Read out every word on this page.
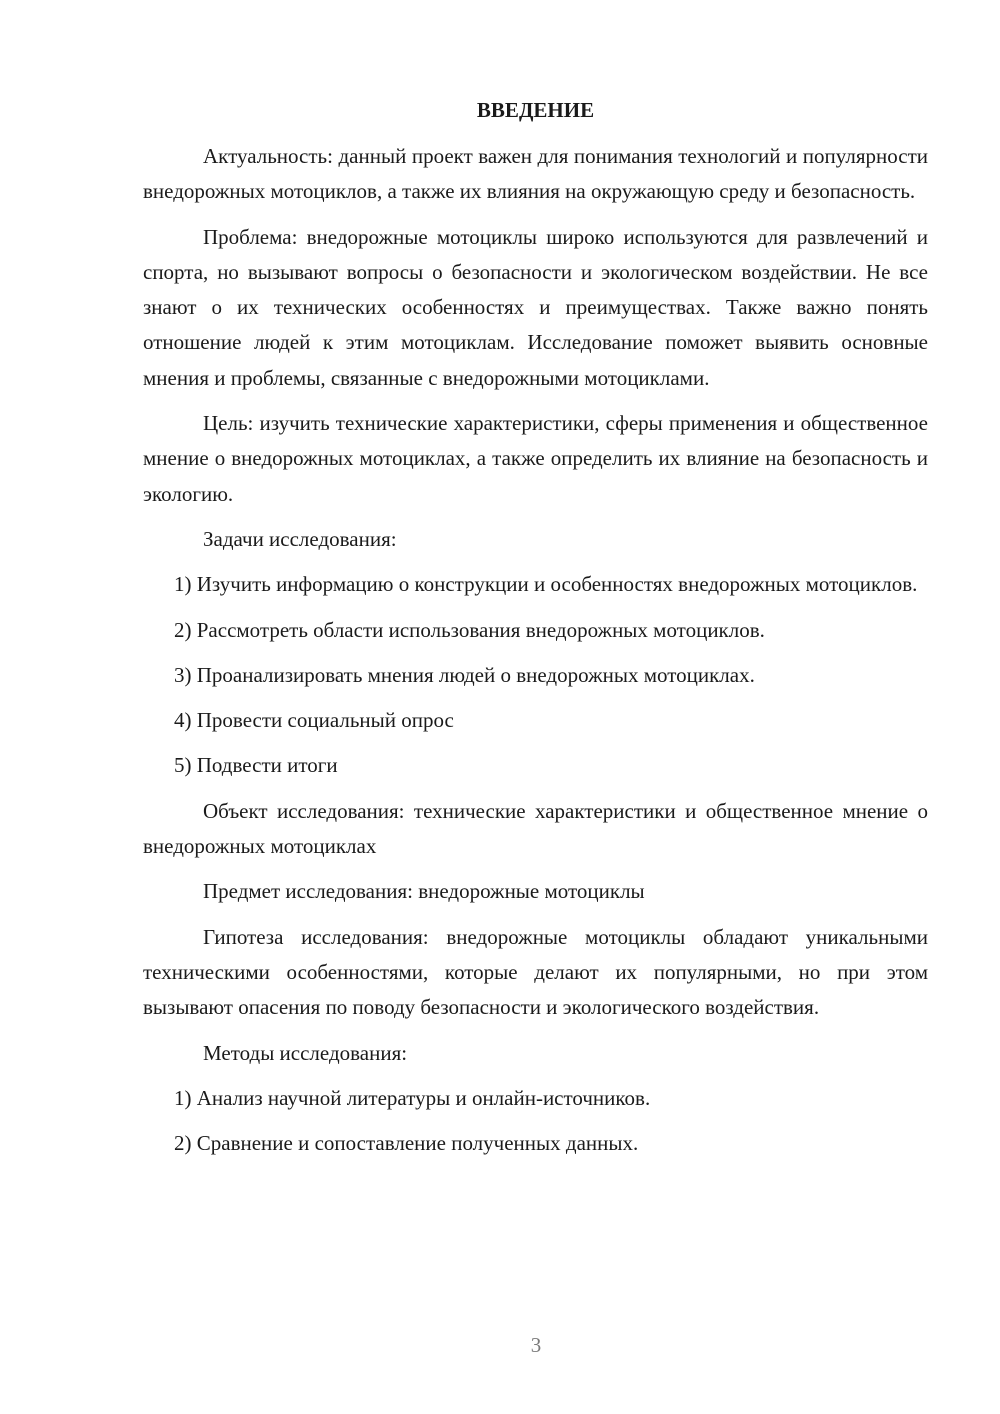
ВВЕДЕНИЕ

Актуальность: данный проект важен для понимания технологий и популярности внедорожных мотоциклов, а также их влияния на окружающую среду и безопасность.

Проблема: внедорожные мотоциклы широко используются для развлечений и спорта, но вызывают вопросы о безопасности и экологическом воздействии. Не все знают о их технических особенностях и преимуществах. Также важно понять отношение людей к этим мотоциклам. Исследование поможет выявить основные мнения и проблемы, связанные с внедорожными мотоциклами.

Цель: изучить технические характеристики, сферы применения и общественное мнение о внедорожных мотоциклах, а также определить их влияние на безопасность и экологию.

Задачи исследования:

1) Изучить информацию о конструкции и особенностях внедорожных мотоциклов.

2) Рассмотреть области использования внедорожных мотоциклов.

3) Проанализировать мнения людей о внедорожных мотоциклах.

4) Провести социальный опрос

5) Подвести итоги

Объект исследования: технические характеристики и общественное мнение о внедорожных мотоциклах

Предмет исследования: внедорожные мотоциклы

Гипотеза исследования: внедорожные мотоциклы обладают уникальными техническими особенностями, которые делают их популярными, но при этом вызывают опасения по поводу безопасности и экологического воздействия.

Методы исследования:

1) Анализ научной литературы и онлайн-источников.

2) Сравнение и сопоставление полученных данных.

3
